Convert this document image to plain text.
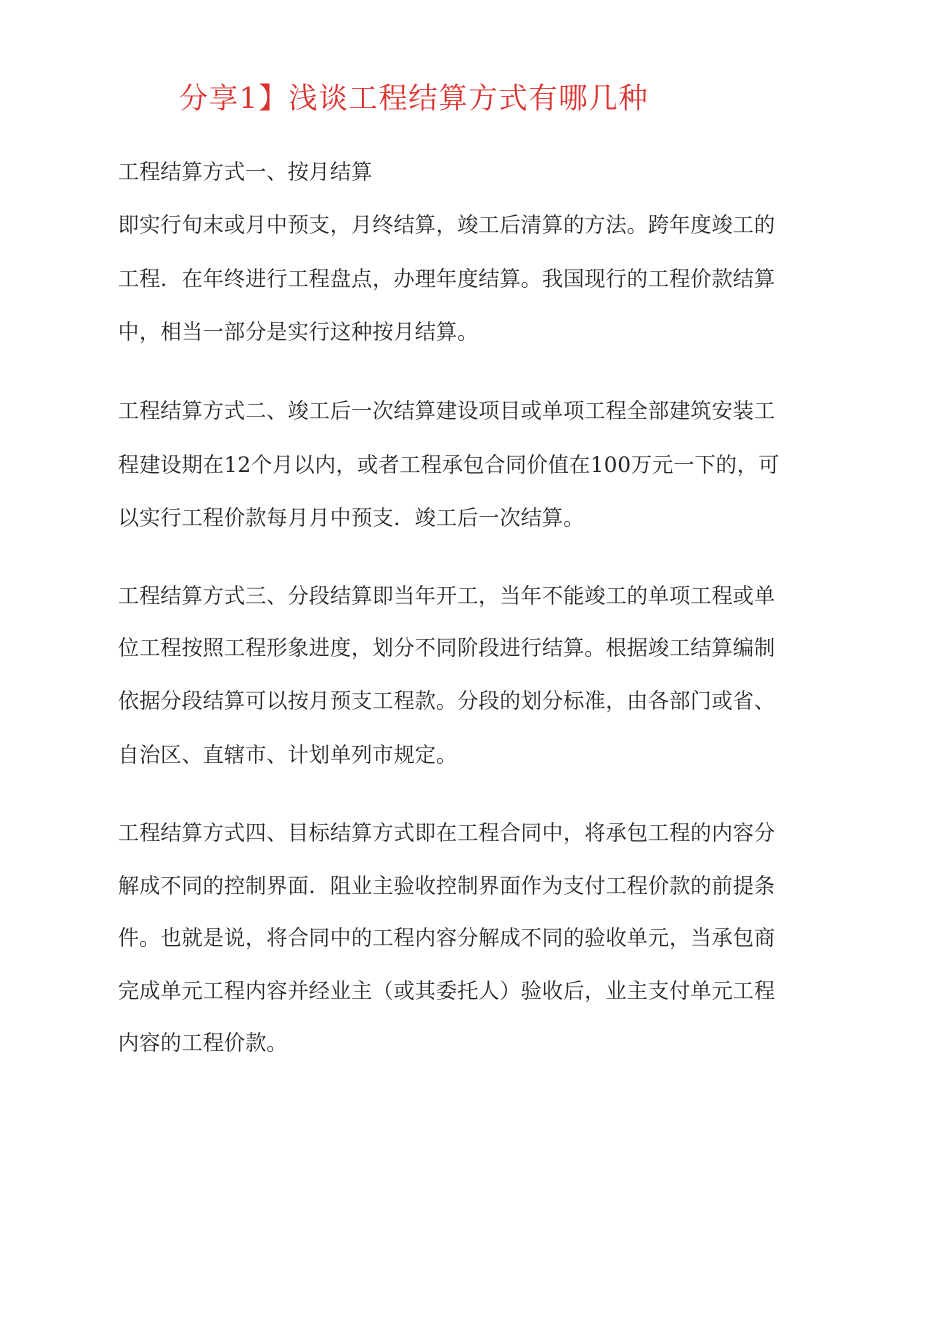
分享1】浅谈工程结算方式有哪几种
工程结算方式一、按月结算
即实行旬末或月中预支，月终结算，竣工后清算的方法。跨年度竣工的
工程．在年终进行工程盘点，办理年度结算。我国现行的工程价款结算
中，相当一部分是实行这种按月结算。
工程结算方式二、竣工后一次结算建设项目或单项工程全部建筑安装工
程建设期在12个月以内，或者工程承包合同价值在100万元一下的，可
以实行工程价款每月月中预支．竣工后一次结算。
工程结算方式三、分段结算即当年开工，当年不能竣工的单项工程或单
位工程按照工程形象进度，划分不同阶段进行结算。根据竣工结算编制
依据分段结算可以按月预支工程款。分段的划分标准，由各部门或省、
自治区、直辖市、计划单列市规定。
工程结算方式四、目标结算方式即在工程合同中，将承包工程的内容分
解成不同的控制界面．阻业主验收控制界面作为支付工程价款的前提条
件。也就是说，将合同中的工程内容分解成不同的验收单元，当承包商
完成单元工程内容并经业主（或其委托人）验收后，业主支付单元工程
内容的工程价款。
